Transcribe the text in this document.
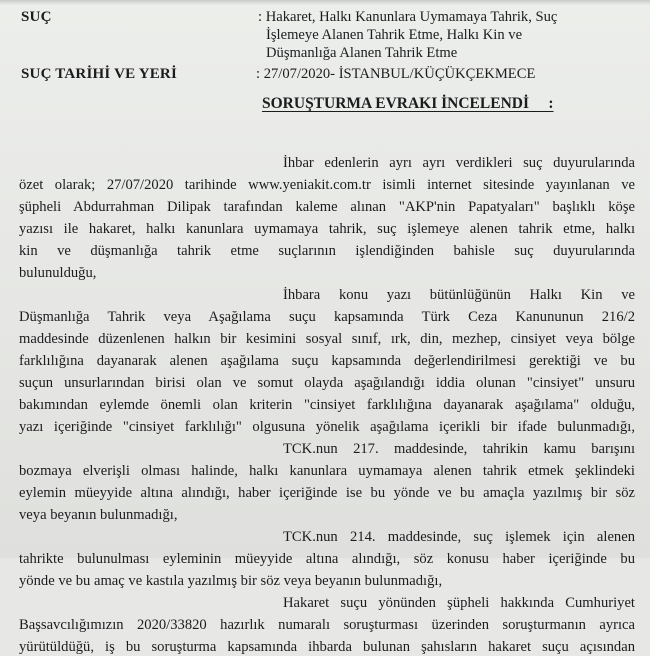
SUÇ	: Hakaret, Halkı Kanunlara Uymamaya Tahrik, Suç
İşlemeye Alanen Tahrik Etme, Halkı Kin ve
Düşmanlığa Alanen Tahrik Etme
SUÇ TARİHİ VE YERİ	: 27/07/2020- İSTANBUL/KÜÇÜKÇEKMECE
SORUŞTURMA EVRAKI İNCELENDİ     :
İhbar edenlerin ayrı ayrı verdikleri suç duyurularında
özet olarak; 27/07/2020 tarihinde www.yeniakit.com.tr isimli internet sitesinde yayınlanan ve
şüpheli Abdurrahman Dilipak tarafından kaleme alınan "AKP'nin Papatyaları" başlıklı köşe
yazısı ile hakaret, halkı kanunlara uymamaya tahrik, suç işlemeye alenen tahrik etme, halkı
kin ve düşmanlığa tahrik etme suçlarının işlendiğinden bahisle suç duyurularında
bulunulduğu,
İhbara konu yazı bütünlüğünün Halkı Kin ve
Düşmanlığa Tahrik veya Aşağılama suçu kapsamında Türk Ceza Kanununun 216/2
maddesinde düzenlenen halkın bir kesimini sosyal sınıf, ırk, din, mezhep, cinsiyet veya bölge
farklılığına dayanarak alenen aşağılama suçu kapsamında değerlendirilmesi gerektiği ve bu
suçun unsurlarından birisi olan ve somut olayda aşağılandığı iddia olunan "cinsiyet" unsuru
bakımından eylemde önemli olan kriterin "cinsiyet farklılığına dayanarak aşağılama" olduğu,
yazı içeriğinde "cinsiyet farklılığı" olgusuna yönelik aşağılama içerikli bir ifade bulunmadığı,
TCK.nun 217. maddesinde, tahrikin kamu barışını
bozmaya elverişli olması halinde, halkı kanunlara uymamaya alenen tahrik etmek şeklindeki
eylemin müeyyide altına alındığı, haber içeriğinde ise bu yönde ve bu amaçla yazılmış bir söz
veya beyanın bulunmadığı,
TCK.nun 214. maddesinde, suç işlemek için alenen
tahrikte bulunulması eyleminin müeyyide altına alındığı, söz konusu haber içeriğinde bu
yönde ve bu amaç ve kastıla yazılmış bir söz veya beyanın bulunmadığı,
Hakaret suçu yönünden şüpheli hakkında Cumhuriyet
Başsavcılığımızın 2020/33820 hazırlık numaralı soruşturması üzerinden soruşturmanın ayrıca
yürütüldüğü, iş bu soruşturma kapsamında ihbarda bulunan şahısların hakaret suçu açısından
